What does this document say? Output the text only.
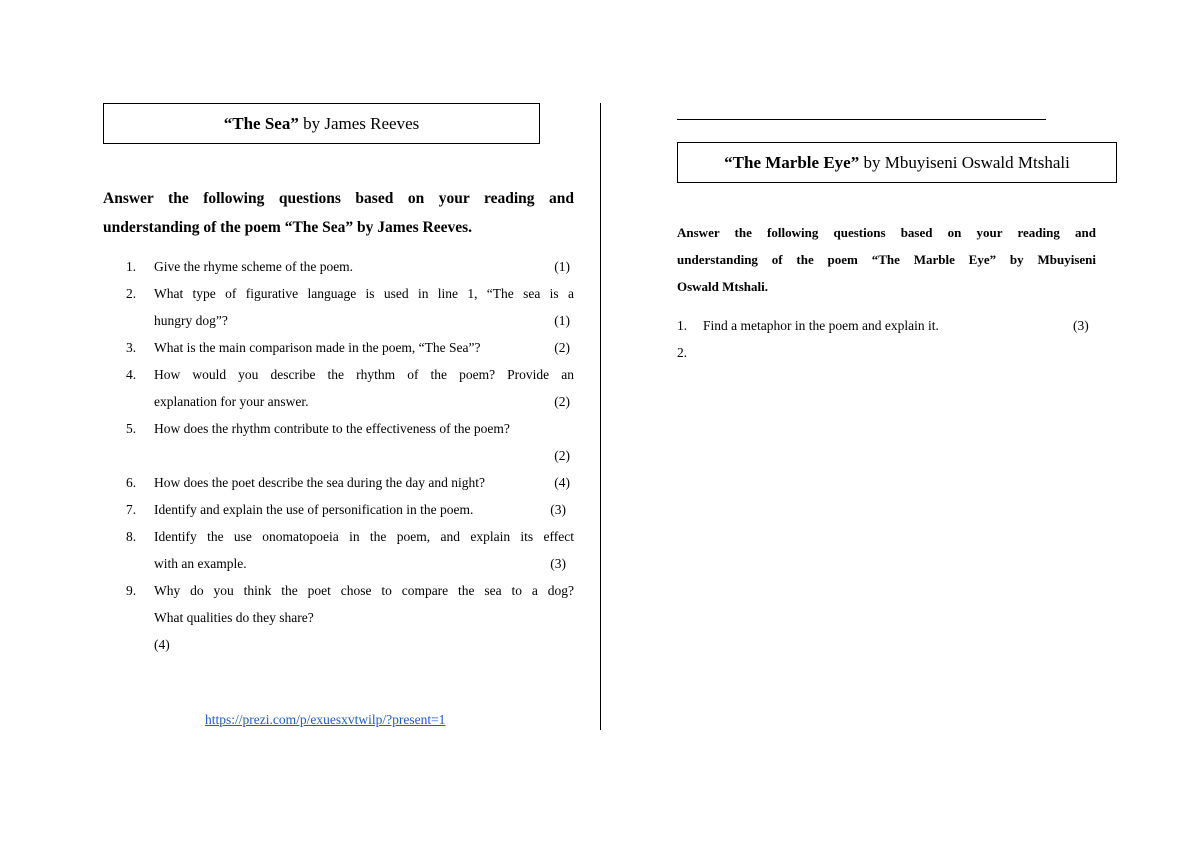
“The Sea”
by James Reeves
Answer the following questions based on your reading and
understanding of the poem “The Sea” by James Reeves.
1. Give the rhyme scheme of the poem.	(1)
2. What type of figurative language is used in line 1, “The sea is a
hungry dog”?	(1)
3. What is the main comparison made in the poem, “The Sea”?	(2)
4. How would you describe the rhythm of the poem? Provide an
explanation for your answer.	(2)
5. How does the rhythm contribute to the effectiveness of the poem?
(2)
6. How does the poet describe the sea during the day and night?	(4)
7. Identify and explain the use of personification in the poem.	(3)
8. Identify the use onomatopoeia in the poem, and explain its effect
with an example.	(3)
9. Why do you think the poet chose to compare the sea to a dog?
What qualities do they share?
(4)
https://prezi.com/p/exuesxvtwilp/?present=1
“The Marble Eye”
by Mbuyiseni Oswald Mtshali
Answer the following questions based on your reading and
understanding of the poem “The Marble Eye” by Mbuyiseni
Oswald Mtshali.
1.	Find a metaphor in the poem and explain it.	(3)
2.
